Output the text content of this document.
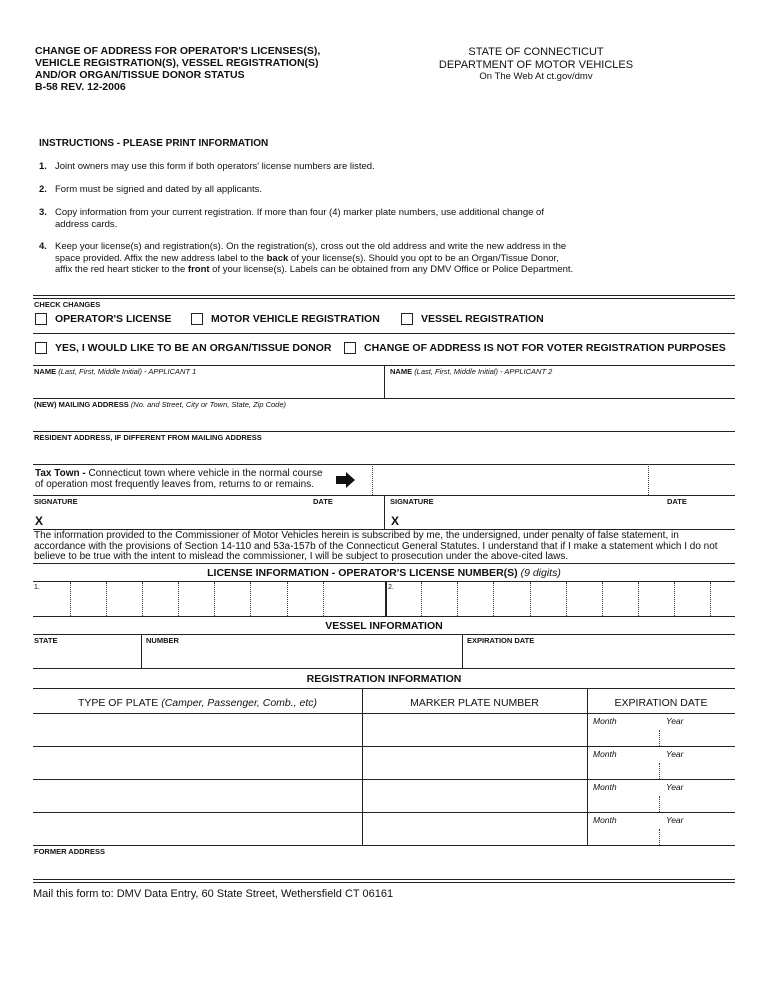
CHANGE OF ADDRESS FOR OPERATOR'S LICENSES(S),
VEHICLE REGISTRATION(S), VESSEL REGISTRATION(S)
AND/OR ORGAN/TISSUE DONOR STATUS
B-58 REV. 12-2006
STATE OF CONNECTICUT
DEPARTMENT OF MOTOR VEHICLES
On The Web At ct.gov/dmv
INSTRUCTIONS - PLEASE PRINT INFORMATION
1. Joint owners may use this form if both operators' license numbers are listed.
2. Form must be signed and dated by all applicants.
3. Copy information from your current registration. If more than four (4) marker plate numbers, use additional change of
address cards.
4. Keep your license(s) and registration(s). On the registration(s), cross out the old address and write the new address in the
space provided. Affix the new address label to the back of your license(s). Should you opt to be an Organ/Tissue Donor,
affix the red heart sticker to the front of your license(s). Labels can be obtained from any DMV Office or Police Department.
CHECK CHANGES
OPERATOR'S LICENSE	MOTOR VEHICLE REGISTRATION	VESSEL REGISTRATION
YES, I WOULD LIKE TO BE AN ORGAN/TISSUE DONOR	CHANGE OF ADDRESS IS NOT FOR VOTER REGISTRATION PURPOSES
NAME (Last, First, Middle Initial) - APPLICANT 1	NAME (Last, First, Middle Initial) - APPLICANT 2
(NEW) MAILING ADDRESS (No. and Street, City or Town, State, Zip Code)
RESIDENT ADDRESS, IF DIFFERENT FROM MAILING ADDRESS
Tax Town - Connecticut town where vehicle in the normal course
of operation most frequently leaves from, returns to or remains.
SIGNATURE	DATE	SIGNATURE	DATE
X	X
The information provided to the Commissioner of Motor Vehicles herein is subscribed by me, the undersigned, under penalty of false statement, in
accordance with the provisions of Section 14-110 and 53a-157b of the Connecticut General Statutes. I understand that if I make a statement which I do not
believe to be true with the intent to mislead the commissioner, I will be subject to prosecution under the above-cited laws.
LICENSE INFORMATION - OPERATOR'S LICENSE NUMBER(S) (9 digits)
1.	2.
VESSEL INFORMATION
STATE	NUMBER	EXPIRATION DATE
REGISTRATION INFORMATION
TYPE OF PLATE (Camper, Passenger, Comb., etc)	MARKER PLATE NUMBER	EXPIRATION DATE
Month	Year
Month	Year
Month	Year
Month	Year
FORMER ADDRESS
Mail this form to: DMV Data Entry, 60 State Street, Wethersfield CT 06161
